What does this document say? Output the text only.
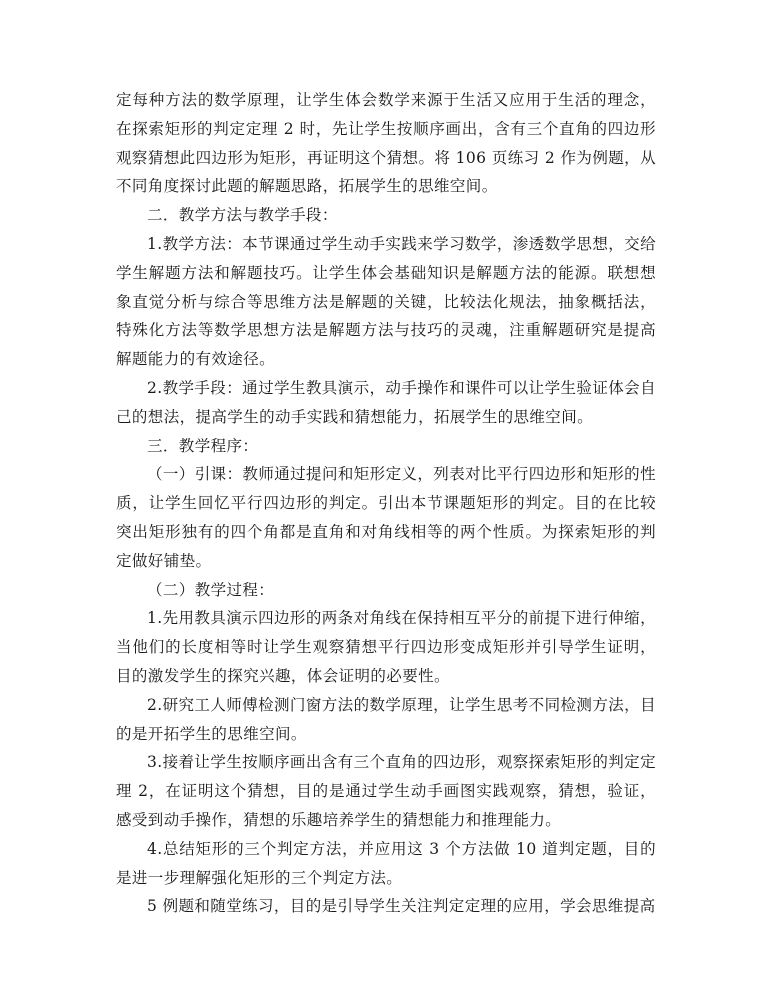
定每种方法的数学原理，让学生体会数学来源于生活又应用于生活的理念，在探索矩形的判定定理 2 时，先让学生按顺序画出，含有三个直角的四边形观察猜想此四边形为矩形，再证明这个猜想。将 106 页练习 2 作为例题，从不同角度探讨此题的解题思路，拓展学生的思维空间。

二．教学方法与教学手段：

1.教学方法：本节课通过学生动手实践来学习数学，渗透数学思想，交给学生解题方法和解题技巧。让学生体会基础知识是解题方法的能源。联想想象直觉分析与综合等思维方法是解题的关键，比较法化规法，抽象概括法，特殊化方法等数学思想方法是解题方法与技巧的灵魂，注重解题研究是提高解题能力的有效途径。

2.教学手段：通过学生教具演示，动手操作和课件可以让学生验证体会自己的想法，提高学生的动手实践和猜想能力，拓展学生的思维空间。

三．教学程序：

（一）引课：教师通过提问和矩形定义，列表对比平行四边形和矩形的性质，让学生回忆平行四边形的判定。引出本节课题矩形的判定。目的在比较突出矩形独有的四个角都是直角和对角线相等的两个性质。为探索矩形的判定做好铺垫。

（二）教学过程：

1.先用教具演示四边形的两条对角线在保持相互平分的前提下进行伸缩，当他们的长度相等时让学生观察猜想平行四边形变成矩形并引导学生证明，目的激发学生的探究兴趣，体会证明的必要性。

2.研究工人师傅检测门窗方法的数学原理，让学生思考不同检测方法，目的是开拓学生的思维空间。

3.接着让学生按顺序画出含有三个直角的四边形，观察探索矩形的判定定理 2，在证明这个猜想，目的是通过学生动手画图实践观察，猜想，验证，感受到动手操作，猜想的乐趣培养学生的猜想能力和推理能力。

4.总结矩形的三个判定方法，并应用这 3 个方法做 10 道判定题，目的是进一步理解强化矩形的三个判定方法。

5 例题和随堂练习，目的是引导学生关注判定定理的应用，学会思维提高
